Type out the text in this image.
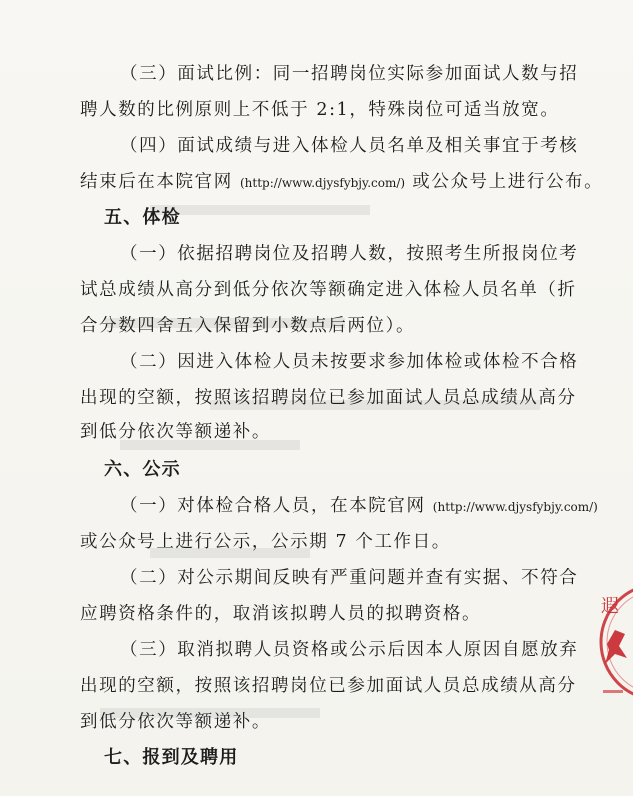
（三）面试比例：同一招聘岗位实际参加面试人数与招
聘人数的比例原则上不低于 2:1，特殊岗位可适当放宽。
（四）面试成绩与进入体检人员名单及相关事宜于考核
结束后在本院官网 (http://www.djysfybjy.com/) 或公众号上进行公布。
五、体检
（一）依据招聘岗位及招聘人数，按照考生所报岗位考
试总成绩从高分到低分依次等额确定进入体检人员名单（折
合分数四舍五入保留到小数点后两位）。
（二）因进入体检人员未按要求参加体检或体检不合格
出现的空额，按照该招聘岗位已参加面试人员总成绩从高分
到低分依次等额递补。
六、公示
（一）对体检合格人员，在本院官网 (http://www.djysfybjy.com/)
或公众号上进行公示，公示期 7 个工作日。
（二）对公示期间反映有严重问题并查有实据、不符合
应聘资格条件的，取消该拟聘人员的拟聘资格。
（三）取消拟聘人员资格或公示后因本人原因自愿放弃
出现的空额，按照该招聘岗位已参加面试人员总成绩从高分
到低分依次等额递补。
七、报到及聘用
遐
